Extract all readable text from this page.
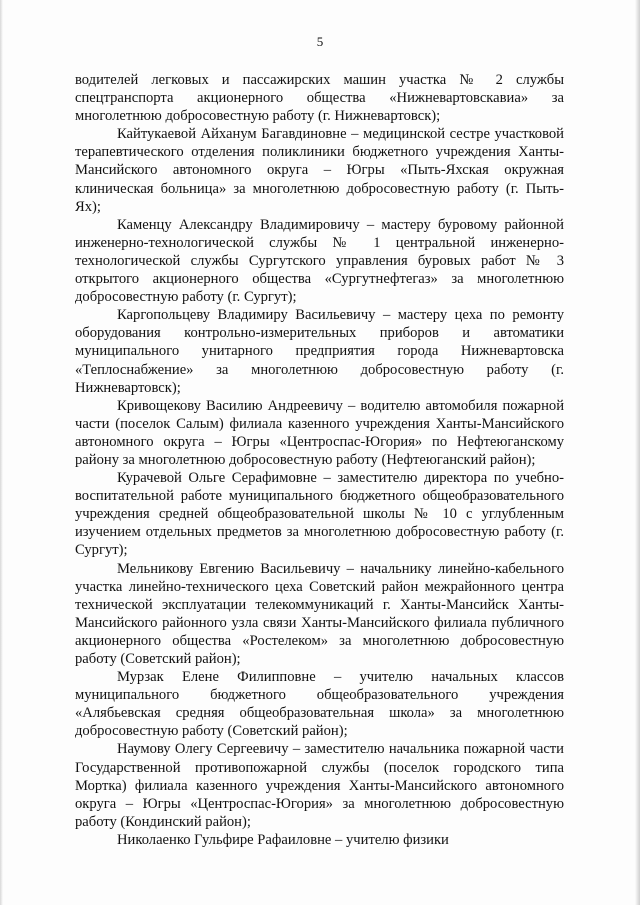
5

водителей легковых и пассажирских машин участка № 2 службы спецтранспорта акционерного общества «Нижневартовскавиа» за многолетнюю добросовестную работу (г. Нижневартовск);

Кайтукаевой Айханум Багавдиновне – медицинской сестре участковой терапевтического отделения поликлиники бюджетного учреждения Ханты-Мансийского автономного округа – Югры «Пыть-Яхская окружная клиническая больница» за многолетнюю добросовестную работу (г. Пыть-Ях);

Каменцу Александру Владимировичу – мастеру буровому районной инженерно-технологической службы № 1 центральной инженерно-технологической службы Сургутского управления буровых работ № 3 открытого акционерного общества «Сургутнефтегаз» за многолетнюю добросовестную работу (г. Сургут);

Каргопольцеву Владимиру Васильевичу – мастеру цеха по ремонту оборудования контрольно-измерительных приборов и автоматики муниципального унитарного предприятия города Нижневартовска «Теплоснабжение» за многолетнюю добросовестную работу (г. Нижневартовск);

Кривощекову Василию Андреевичу – водителю автомобиля пожарной части (поселок Салым) филиала казенного учреждения Ханты-Мансийского автономного округа – Югры «Центроспас-Югория» по Нефтеюганскому району за многолетнюю добросовестную работу (Нефтеюганский район);

Курачевой Ольге Серафимовне – заместителю директора по учебно-воспитательной работе муниципального бюджетного общеобразовательного учреждения средней общеобразовательной школы № 10 с углубленным изучением отдельных предметов за многолетнюю добросовестную работу (г. Сургут);

Мельникову Евгению Васильевичу – начальнику линейно-кабельного участка линейно-технического цеха Советский район межрайонного центра технической эксплуатации телекоммуникаций г. Ханты-Мансийск Ханты-Мансийского районного узла связи Ханты-Мансийского филиала публичного акционерного общества «Ростелеком» за многолетнюю добросовестную работу (Советский район);

Мурзак Елене Филипповне – учителю начальных классов муниципального бюджетного общеобразовательного учреждения «Алябьевская средняя общеобразовательная школа» за многолетнюю добросовестную работу (Советский район);

Наумову Олегу Сергеевичу – заместителю начальника пожарной части Государственной противопожарной службы (поселок городского типа Мортка) филиала казенного учреждения Ханты-Мансийского автономного округа – Югры «Центроспас-Югория» за многолетнюю добросовестную работу (Кондинский район);

Николаенко Гульфире Рафаиловне – учителю физики
